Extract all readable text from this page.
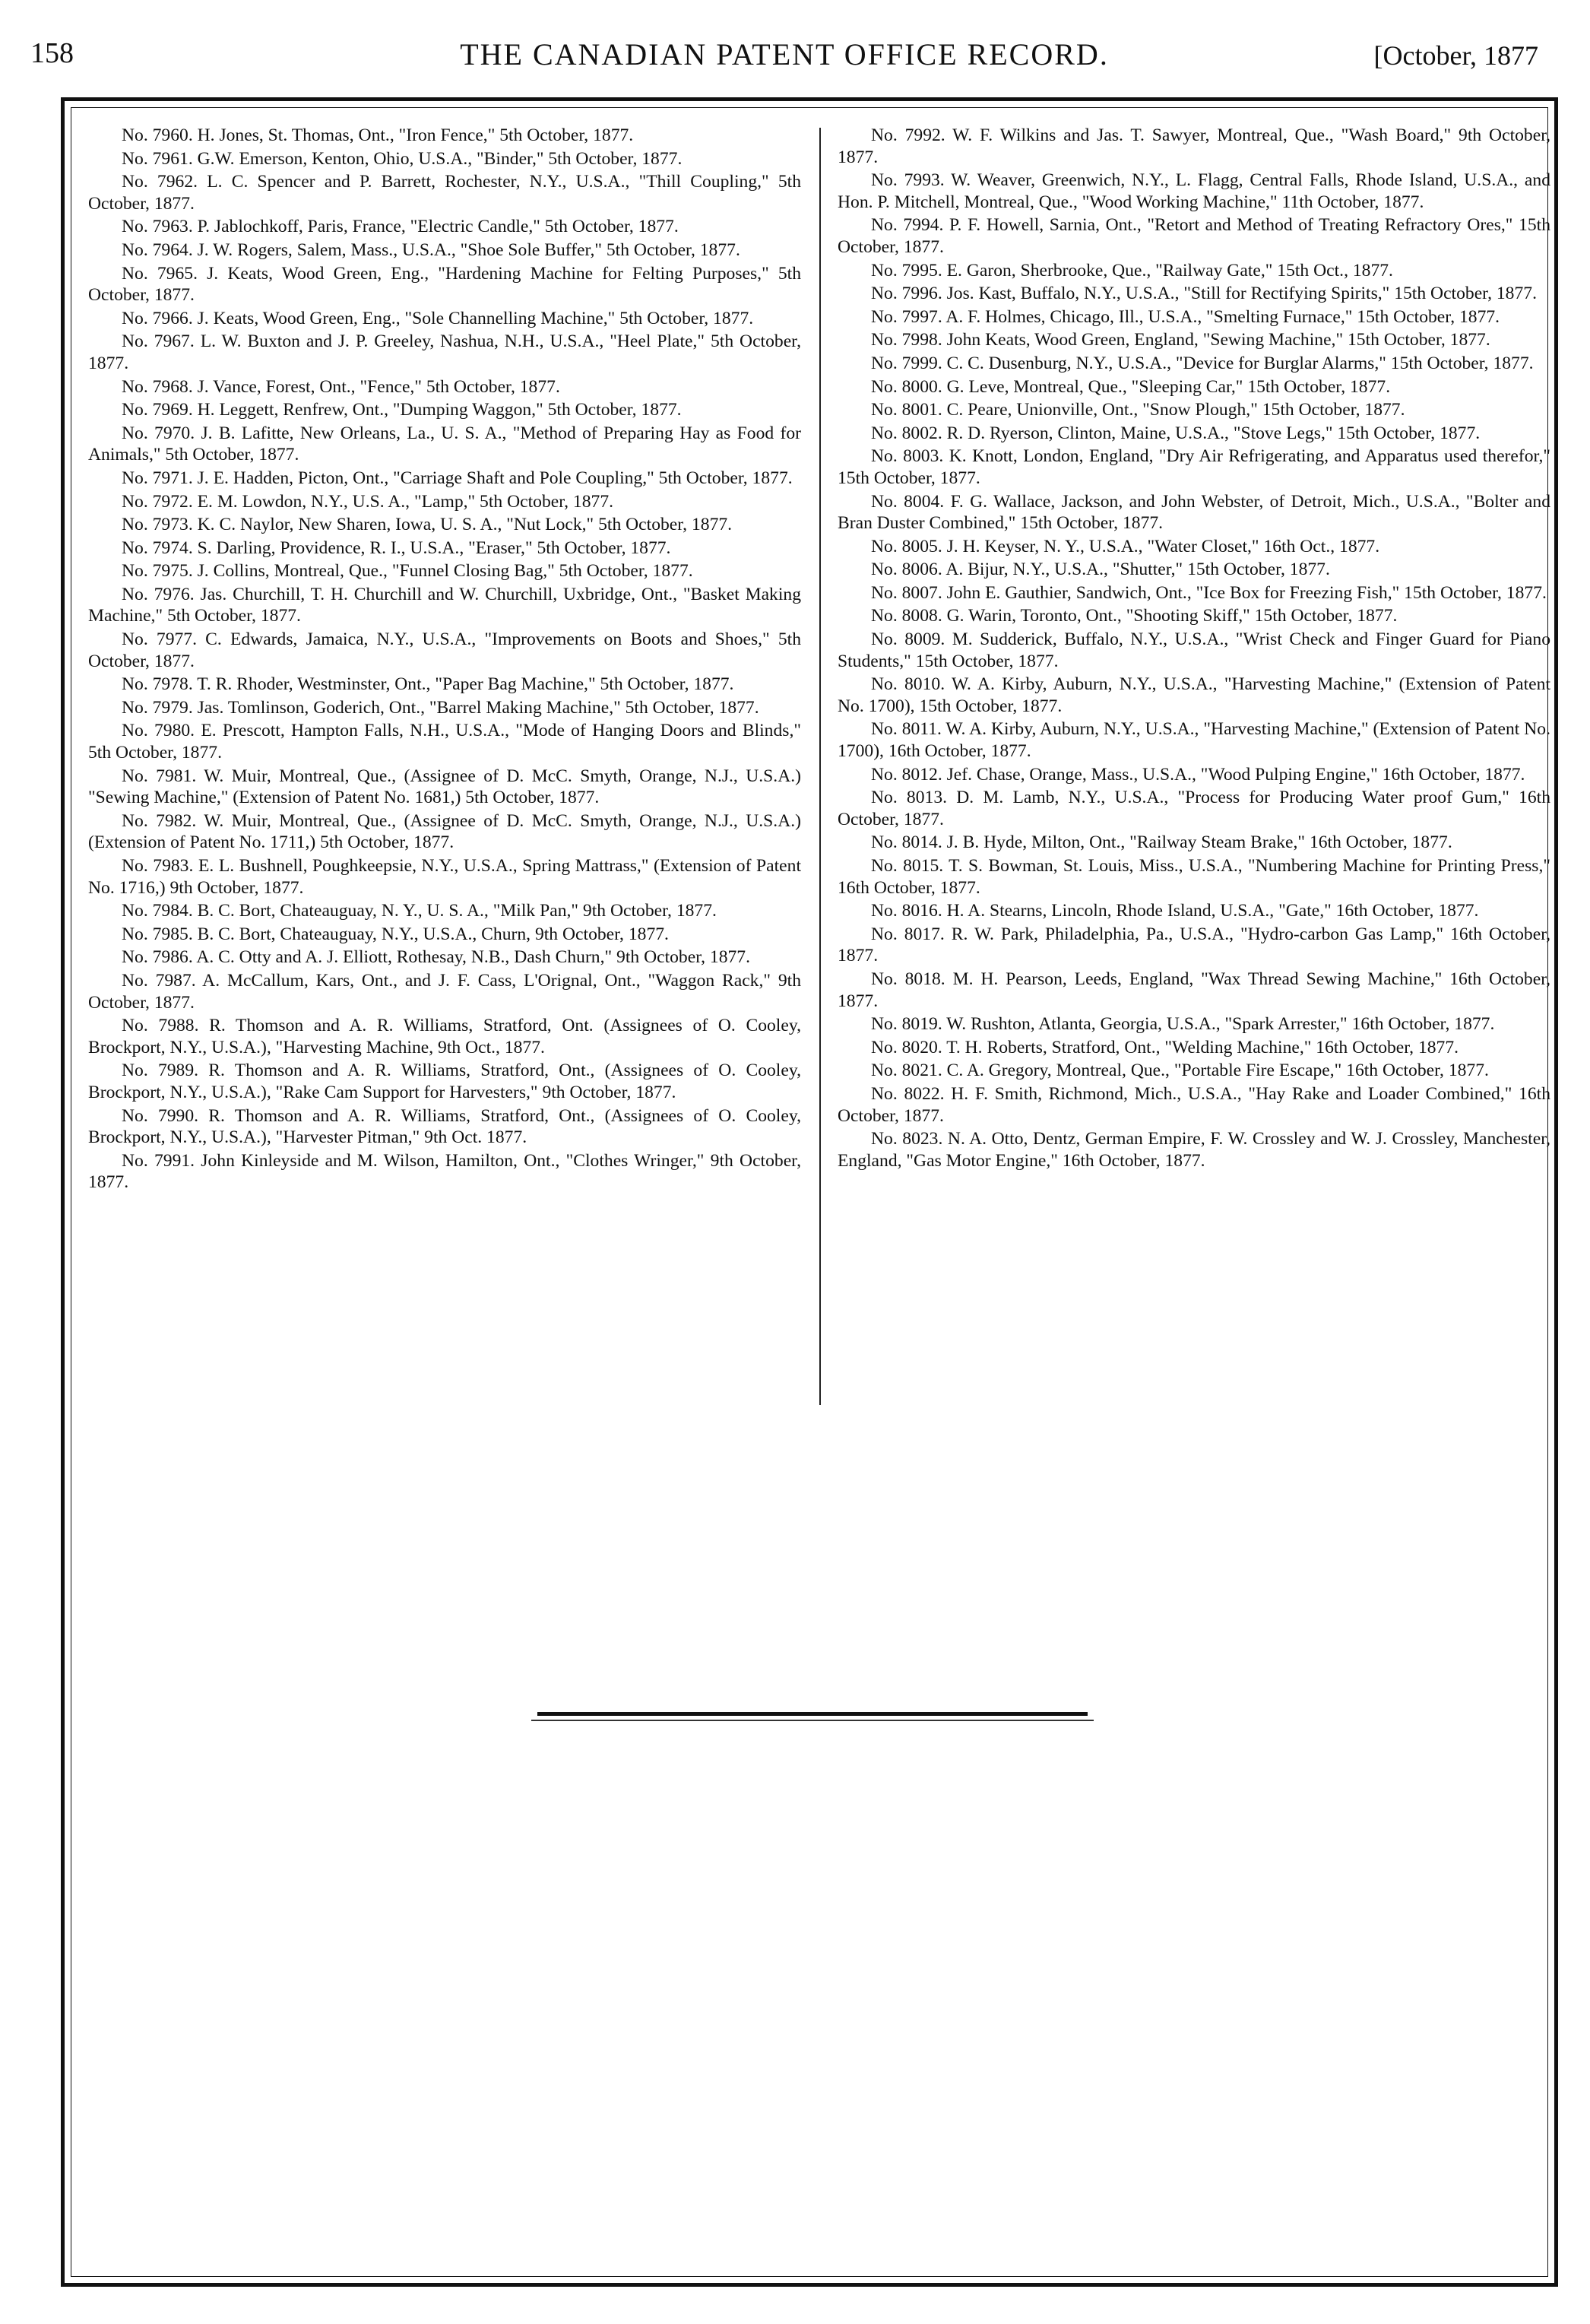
158	THE CANADIAN PATENT OFFICE RECORD.	[October, 1877

No. 7960. H. Jones, St. Thomas, Ont., "Iron Fence," 5th October, 1877.

No. 7961. G.W. Emerson, Kenton, Ohio, U.S.A., "Binder," 5th October, 1877.

No. 7962. L. C. Spencer and P. Barrett, Rochester, N.Y., U.S.A., "Thill Coupling," 5th October, 1877.

No. 7963. P. Jablochkoff, Paris, France, "Electric Candle," 5th October, 1877.

No. 7964. J. W. Rogers, Salem, Mass., U.S.A., "Shoe Sole Buffer," 5th October, 1877.

No. 7965. J. Keats, Wood Green, Eng., "Hardening Machine for Felting Purposes," 5th October, 1877.

No. 7966. J. Keats, Wood Green, Eng., "Sole Channelling Machine," 5th October, 1877.

No. 7967. L. W. Buxton and J. P. Greeley, Nashua, N.H., U.S.A., "Heel Plate," 5th October, 1877.

No. 7968. J. Vance, Forest, Ont., "Fence," 5th October, 1877.

No. 7969. H. Leggett, Renfrew, Ont., "Dumping Waggon," 5th October, 1877.

No. 7970. J. B. Lafitte, New Orleans, La., U. S. A., "Method of Preparing Hay as Food for Animals," 5th October, 1877.

No. 7971. J. E. Hadden, Picton, Ont., "Carriage Shaft and Pole Coupling," 5th October, 1877.

No. 7972. E. M. Lowdon, N.Y., U.S. A., "Lamp," 5th October, 1877.

No. 7973. K. C. Naylor, New Sharen, Iowa, U. S. A., "Nut Lock," 5th October, 1877.

No. 7974. S. Darling, Providence, R. I., U.S.A., "Eraser," 5th October, 1877.

No. 7975. J. Collins, Montreal, Que., "Funnel Closing Bag," 5th October, 1877.

No. 7976. Jas. Churchill, T. H. Churchill and W. Churchill, Uxbridge, Ont., "Basket Making Machine," 5th October, 1877.

No. 7977. C. Edwards, Jamaica, N.Y., U.S.A., "Improvements on Boots and Shoes," 5th October, 1877.

No. 7978. T. R. Rhoder, Westminster, Ont., "Paper Bag Machine," 5th October, 1877.

No. 7979. Jas. Tomlinson, Goderich, Ont., "Barrel Making Machine," 5th October, 1877.

No. 7980. E. Prescott, Hampton Falls, N.H., U.S.A., "Mode of Hanging Doors and Blinds," 5th October, 1877.

No. 7981. W. Muir, Montreal, Que., (Assignee of D. McC. Smyth, Orange, N.J., U.S.A.) "Sewing Machine," (Extension of Patent No. 1681,) 5th October, 1877.

No. 7982. W. Muir, Montreal, Que., (Assignee of D. McC. Smyth, Orange, N.J., U.S.A.) (Extension of Patent No. 1711,) 5th October, 1877.

No. 7983. E. L. Bushnell, Poughkeepsie, N.Y., U.S.A., Spring Mattrass," (Extension of Patent No. 1716,) 9th October, 1877.

No. 7984. B. C. Bort, Chateauguay, N. Y., U. S. A., "Milk Pan," 9th October, 1877.

No. 7985. B. C. Bort, Chateauguay, N.Y., U.S.A., Churn, 9th October, 1877.

No. 7986. A. C. Otty and A. J. Elliott, Rothesay, N.B., Dash Churn," 9th October, 1877.

No. 7987. A. McCallum, Kars, Ont., and J. F. Cass, L'Orignal, Ont., "Waggon Rack," 9th October, 1877.

No. 7988. R. Thomson and A. R. Williams, Stratford, Ont. (Assignees of O. Cooley, Brockport, N.Y., U.S.A.), "Harvesting Machine, 9th Oct., 1877.

No. 7989. R. Thomson and A. R. Williams, Stratford, Ont., (Assignees of O. Cooley, Brockport, N.Y., U.S.A.), "Rake Cam Support for Harvesters," 9th October, 1877.

No. 7990. R. Thomson and A. R. Williams, Stratford, Ont., (Assignees of O. Cooley, Brockport, N.Y., U.S.A.), "Harvester Pitman," 9th Oct. 1877.

No. 7991. John Kinleyside and M. Wilson, Hamilton, Ont., "Clothes Wringer," 9th October, 1877.

No. 7992. W. F. Wilkins and Jas. T. Sawyer, Montreal, Que., "Wash Board," 9th October, 1877.

No. 7993. W. Weaver, Greenwich, N.Y., L. Flagg, Central Falls, Rhode Island, U.S.A., and Hon. P. Mitchell, Montreal, Que., "Wood Working Machine," 11th October, 1877.

No. 7994. P. F. Howell, Sarnia, Ont., "Retort and Method of Treating Refractory Ores," 15th October, 1877.

No. 7995. E. Garon, Sherbrooke, Que., "Railway Gate," 15th Oct., 1877.

No. 7996. Jos. Kast, Buffalo, N.Y., U.S.A., "Still for Rectifying Spirits," 15th October, 1877.

No. 7997. A. F. Holmes, Chicago, Ill., U.S.A., "Smelting Furnace," 15th October, 1877.

No. 7998. John Keats, Wood Green, England, "Sewing Machine," 15th October, 1877.

No. 7999. C. C. Dusenburg, N.Y., U.S.A., "Device for Burglar Alarms," 15th October, 1877.

No. 8000. G. Leve, Montreal, Que., "Sleeping Car," 15th October, 1877.

No. 8001. C. Peare, Unionville, Ont., "Snow Plough," 15th October, 1877.

No. 8002. R. D. Ryerson, Clinton, Maine, U.S.A., "Stove Legs," 15th October, 1877.

No. 8003. K. Knott, London, England, "Dry Air Refrigerating, and Apparatus used therefor," 15th October, 1877.

No. 8004. F. G. Wallace, Jackson, and John Webster, of Detroit, Mich., U.S.A., "Bolter and Bran Duster Combined," 15th October, 1877.

No. 8005. J. H. Keyser, N. Y., U.S.A., "Water Closet," 16th Oct., 1877.

No. 8006. A. Bijur, N.Y., U.S.A., "Shutter," 15th October, 1877.

No. 8007. John E. Gauthier, Sandwich, Ont., "Ice Box for Freezing Fish," 15th October, 1877.

No. 8008. G. Warin, Toronto, Ont., "Shooting Skiff," 15th October, 1877.

No. 8009. M. Sudderick, Buffalo, N.Y., U.S.A., "Wrist Check and Finger Guard for Piano Students," 15th October, 1877.

No. 8010. W. A. Kirby, Auburn, N.Y., U.S.A., "Harvesting Machine," (Extension of Patent No. 1700), 15th October, 1877.

No. 8011. W. A. Kirby, Auburn, N.Y., U.S.A., "Harvesting Machine," (Extension of Patent No. 1700), 16th October, 1877.

No. 8012. Jef. Chase, Orange, Mass., U.S.A., "Wood Pulping Engine," 16th October, 1877.

No. 8013. D. M. Lamb, N.Y., U.S.A., "Process for Producing Water proof Gum," 16th October, 1877.

No. 8014. J. B. Hyde, Milton, Ont., "Railway Steam Brake," 16th October, 1877.

No. 8015. T. S. Bowman, St. Louis, Miss., U.S.A., "Numbering Machine for Printing Press," 16th October, 1877.

No. 8016. H. A. Stearns, Lincoln, Rhode Island, U.S.A., "Gate," 16th October, 1877.

No. 8017. R. W. Park, Philadelphia, Pa., U.S.A., "Hydro-carbon Gas Lamp," 16th October, 1877.

No. 8018. M. H. Pearson, Leeds, England, "Wax Thread Sewing Machine," 16th October, 1877.

No. 8019. W. Rushton, Atlanta, Georgia, U.S.A., "Spark Arrester," 16th October, 1877.

No. 8020. T. H. Roberts, Stratford, Ont., "Welding Machine," 16th October, 1877.

No. 8021. C. A. Gregory, Montreal, Que., "Portable Fire Escape," 16th October, 1877.

No. 8022. H. F. Smith, Richmond, Mich., U.S.A., "Hay Rake and Loader Combined," 16th October, 1877.

No. 8023. N. A. Otto, Dentz, German Empire, F. W. Crossley and W. J. Crossley, Manchester, England, "Gas Motor Engine," 16th October, 1877.
